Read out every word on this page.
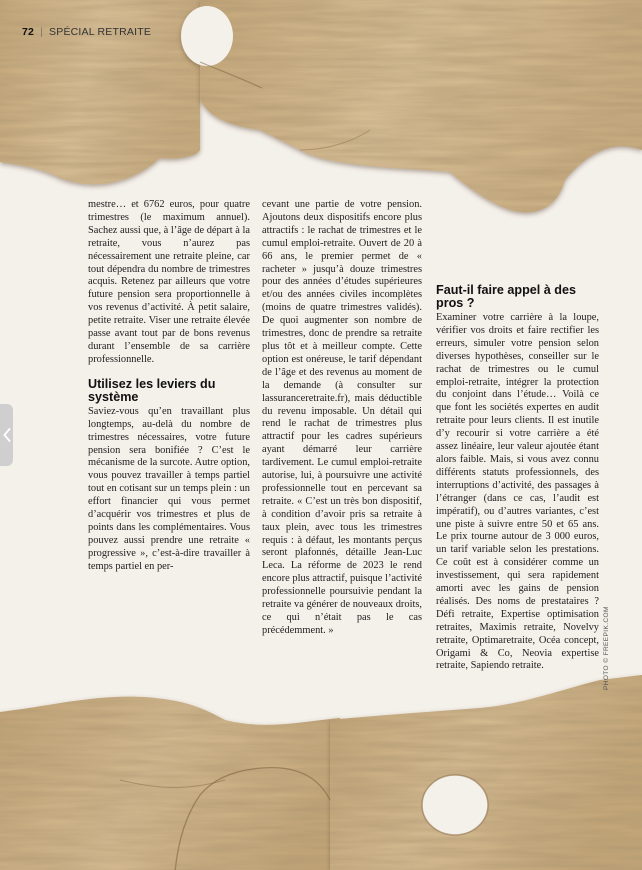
72 | SPÉCIAL RETRAITE

mestre… et 6762 euros, pour quatre trimestres (le maximum annuel). Sachez aussi que, à l’âge de départ à la retraite, vous n’aurez pas nécessairement une retraite pleine, car tout dépendra du nombre de trimestres acquis. Retenez par ailleurs que votre future pension sera proportionnelle à vos revenus d’activité. À petit salaire, petite retraite. Viser une retraite élevée passe avant tout par de bons revenus durant l’ensemble de sa carrière professionnelle.

Utilisez les leviers du système

Saviez-vous qu’en travaillant plus longtemps, au-delà du nombre de trimestres nécessaires, votre future pension sera bonifiée ? C’est le mécanisme de la surcote. Autre option, vous pouvez travailler à temps partiel tout en cotisant sur un temps plein : un effort financier qui vous permet d’acquérir vos trimestres et plus de points dans les complémentaires. Vous pouvez aussi prendre une retraite « progressive », c’est-à-dire travailler à temps partiel en per-

cevant une partie de votre pension. Ajoutons deux dispositifs encore plus attractifs : le rachat de trimestres et le cumul emploi-retraite. Ouvert de 20 à 66 ans, le premier permet de « racheter » jusqu’à douze trimestres pour des années d’études supérieures et/ou des années civiles incomplètes (moins de quatre trimestres validés). De quoi augmenter son nombre de trimestres, donc de prendre sa retraite plus tôt et à meilleur compte. Cette option est onéreuse, le tarif dépendant de l’âge et des revenus au moment de la demande (à consulter sur lassuranceretraite.fr), mais déductible du revenu imposable. Un détail qui rend le rachat de trimestres plus attractif pour les cadres supérieurs ayant démarré leur carrière tardivement. Le cumul emploi-retraite autorise, lui, à poursuivre une activité professionnelle tout en percevant sa retraite. « C’est un très bon dispositif, à condition d’avoir pris sa retraite à taux plein, avec tous les trimestres requis : à défaut, les montants perçus seront plafonnés, détaille Jean-Luc Leca. La réforme de 2023 le rend encore plus attractif, puisque l’activité professionnelle poursuivie pendant la retraite va générer de nouveaux droits, ce qui n’était pas le cas précédemment. »

Faut-il faire appel à des pros ?

Examiner votre carrière à la loupe, vérifier vos droits et faire rectifier les erreurs, simuler votre pension selon diverses hypothèses, conseiller sur le rachat de trimestres ou le cumul emploi-retraite, intégrer la protection du conjoint dans l’étude… Voilà ce que font les sociétés expertes en audit retraite pour leurs clients. Il est inutile d’y recourir si votre carrière a été assez linéaire, leur valeur ajoutée étant alors faible. Mais, si vous avez connu différents statuts professionnels, des interruptions d’activité, des passages à l’étranger (dans ce cas, l’audit est impératif), ou d’autres variantes, c’est une piste à suivre entre 50 et 65 ans. Le prix tourne autour de 3 000 euros, un tarif variable selon les prestations. Ce coût est à considérer comme un investissement, qui sera rapidement amorti avec les gains de pension réalisés. Des noms de prestataires ? Défi retraite, Expertise optimisation retraites, Maximis retraite, Novelvy retraite, Optimaretraite, Océa concept, Origami & Co, Neovia expertise retraite, Sapiendo retraite.	PHOTO © FREEPIK.COM
